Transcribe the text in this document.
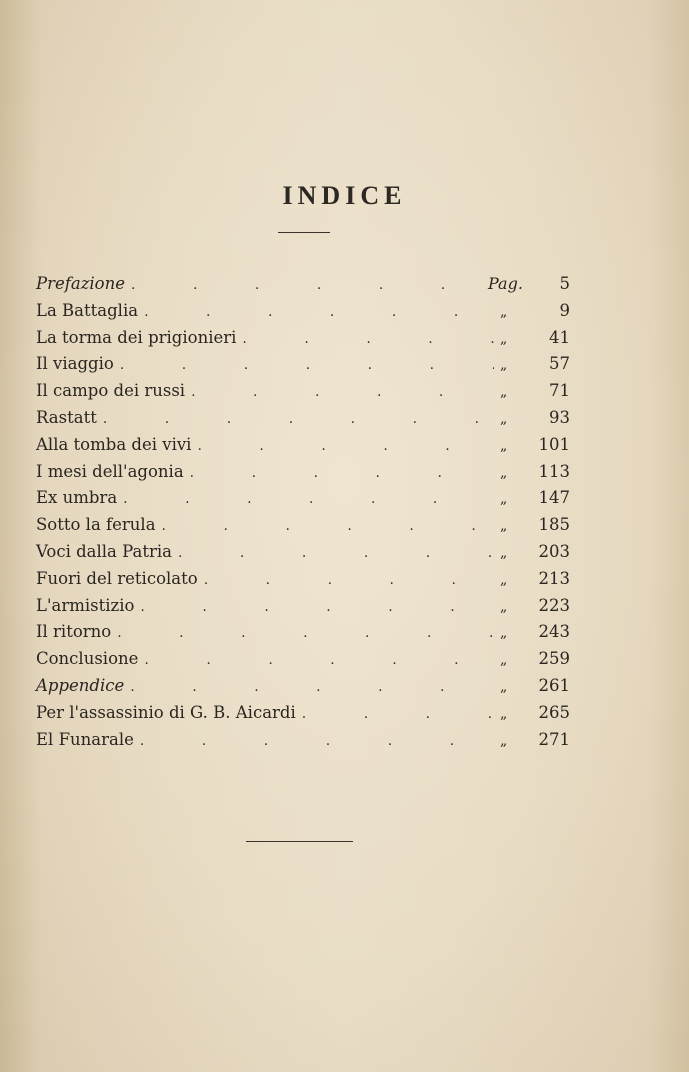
INDICE
Prefazione .	Pag.	5
La Battaglia .	„	9
La torma dei prigionieri .	„	41
Il viaggio .	„	57
Il campo dei russi .	„	71
Rastatt .	„	93
Alla tomba dei vivi .	„	101
I mesi dell'agonia .	„	113
Ex umbra .	„	147
Sotto la ferula .	„	185
Voci dalla Patria .	„	203
Fuori del reticolato .	„	213
L'armistizio .	„	223
Il ritorno .	„	243
Conclusione .	„	259
Appendice .	„	261
Per l'assassinio di G. B. Aicardi .	„	265
El Funarale .	„	271
